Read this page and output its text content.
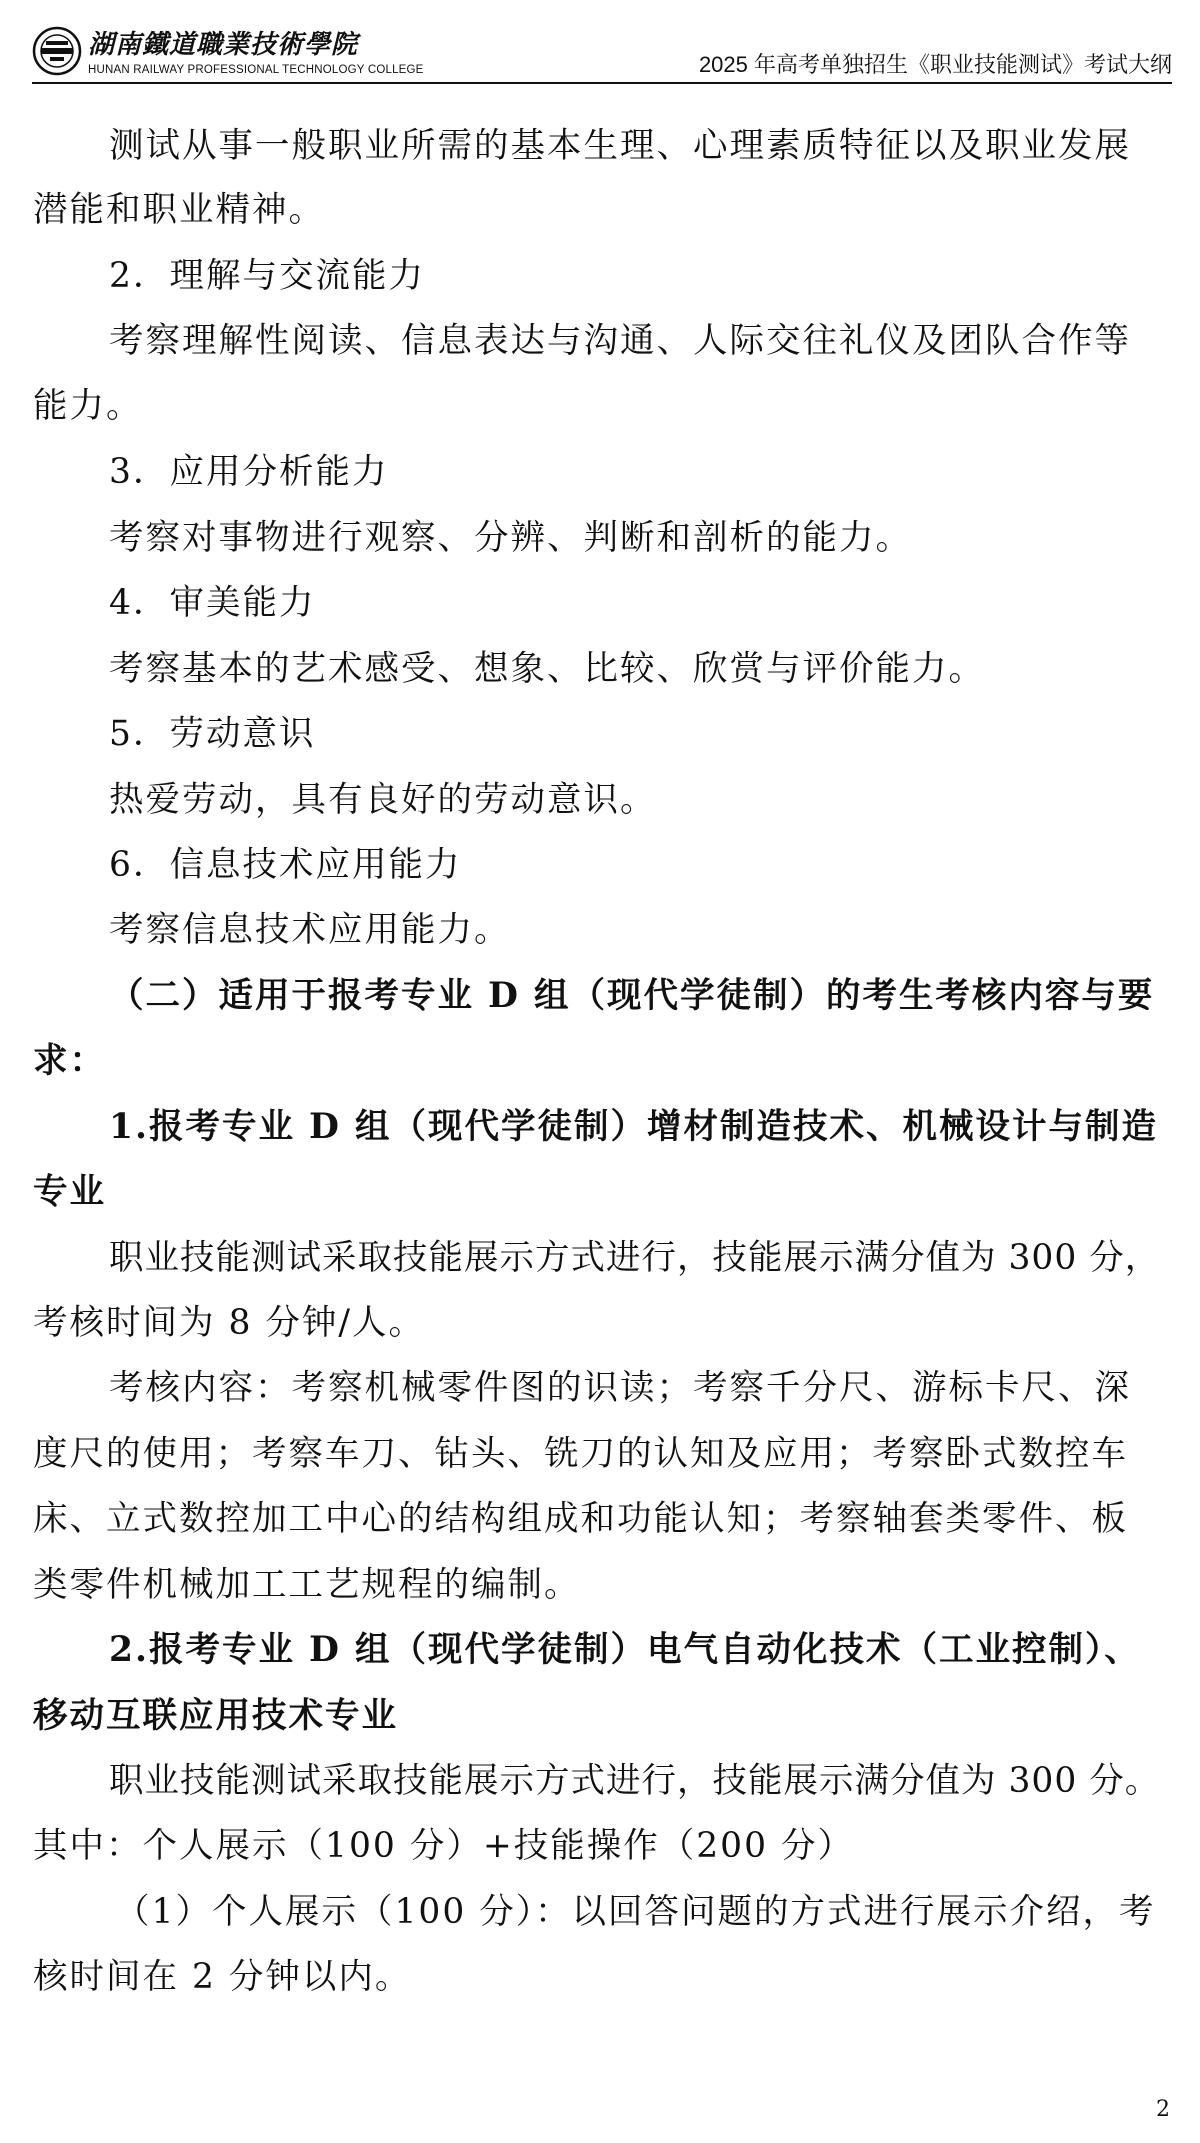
湖南鐵道職業技術學院
HUNAN RAILWAY PROFESSIONAL TECHNOLOGY COLLEGE	2025 年高考单独招生《职业技能测试》考试大纲
测试从事一般职业所需的基本生理、心理素质特征以及职业发展
潜能和职业精神。
2．理解与交流能力
考察理解性阅读、信息表达与沟通、人际交往礼仪及团队合作等
能力。
3．应用分析能力
考察对事物进行观察、分辨、判断和剖析的能力。
4．审美能力
考察基本的艺术感受、想象、比较、欣赏与评价能力。
5．劳动意识
热爱劳动，具有良好的劳动意识。
6．信息技术应用能力
考察信息技术应用能力。
（二）适用于报考专业 D 组（现代学徒制）的考生考核内容与要
求：
1.报考专业 D 组（现代学徒制）增材制造技术、机械设计与制造
专业
职业技能测试采取技能展示方式进行，技能展示满分值为 300 分，
考核时间为 8 分钟/人。
考核内容：考察机械零件图的识读；考察千分尺、游标卡尺、深
度尺的使用；考察车刀、钻头、铣刀的认知及应用；考察卧式数控车
床、立式数控加工中心的结构组成和功能认知；考察轴套类零件、板
类零件机械加工工艺规程的编制。
2.报考专业 D 组（现代学徒制）电气自动化技术（工业控制）、
移动互联应用技术专业
职业技能测试采取技能展示方式进行，技能展示满分值为 300 分。
其中：个人展示（100 分）+技能操作（200 分）
（1）个人展示（100 分）：以回答问题的方式进行展示介绍，考
核时间在 2 分钟以内。
2
